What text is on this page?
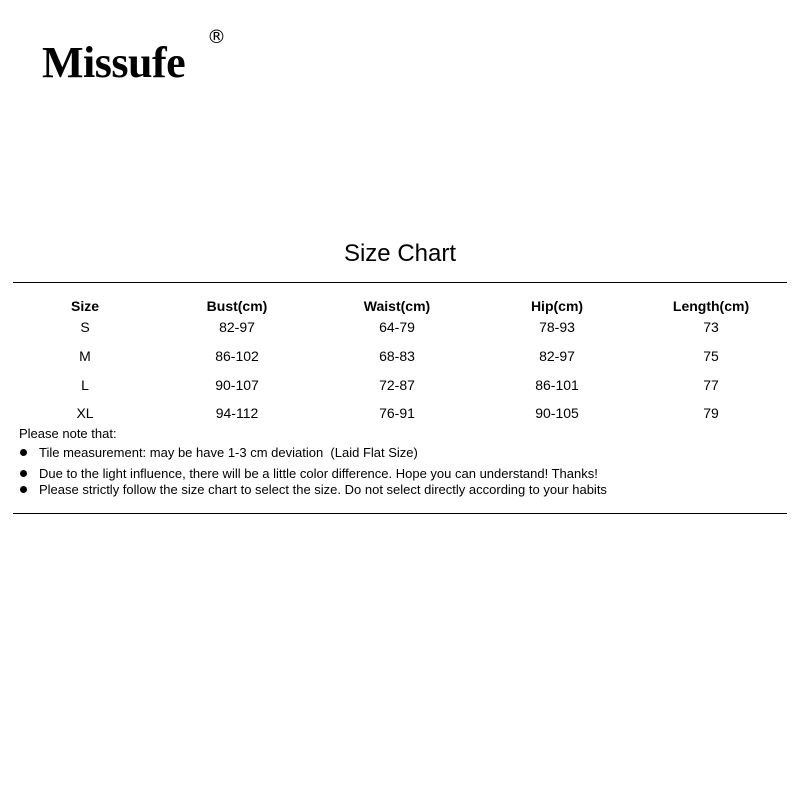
Missufe
®
Size Chart
Size	Bust(cm)	Waist(cm)	Hip(cm)	Length(cm)
S	82-97	64-79	78-93	73
M	86-102	68-83	82-97	75
L	90-107	72-87	86-101	77
XL	94-112	76-91	90-105	79
Please note that:
Tile measurement: may be have 1-3 cm deviation  (Laid Flat Size)
Due to the light influence, there will be a little color difference. Hope you can understand! Thanks!
Please strictly follow the size chart to select the size. Do not select directly according to your habits
